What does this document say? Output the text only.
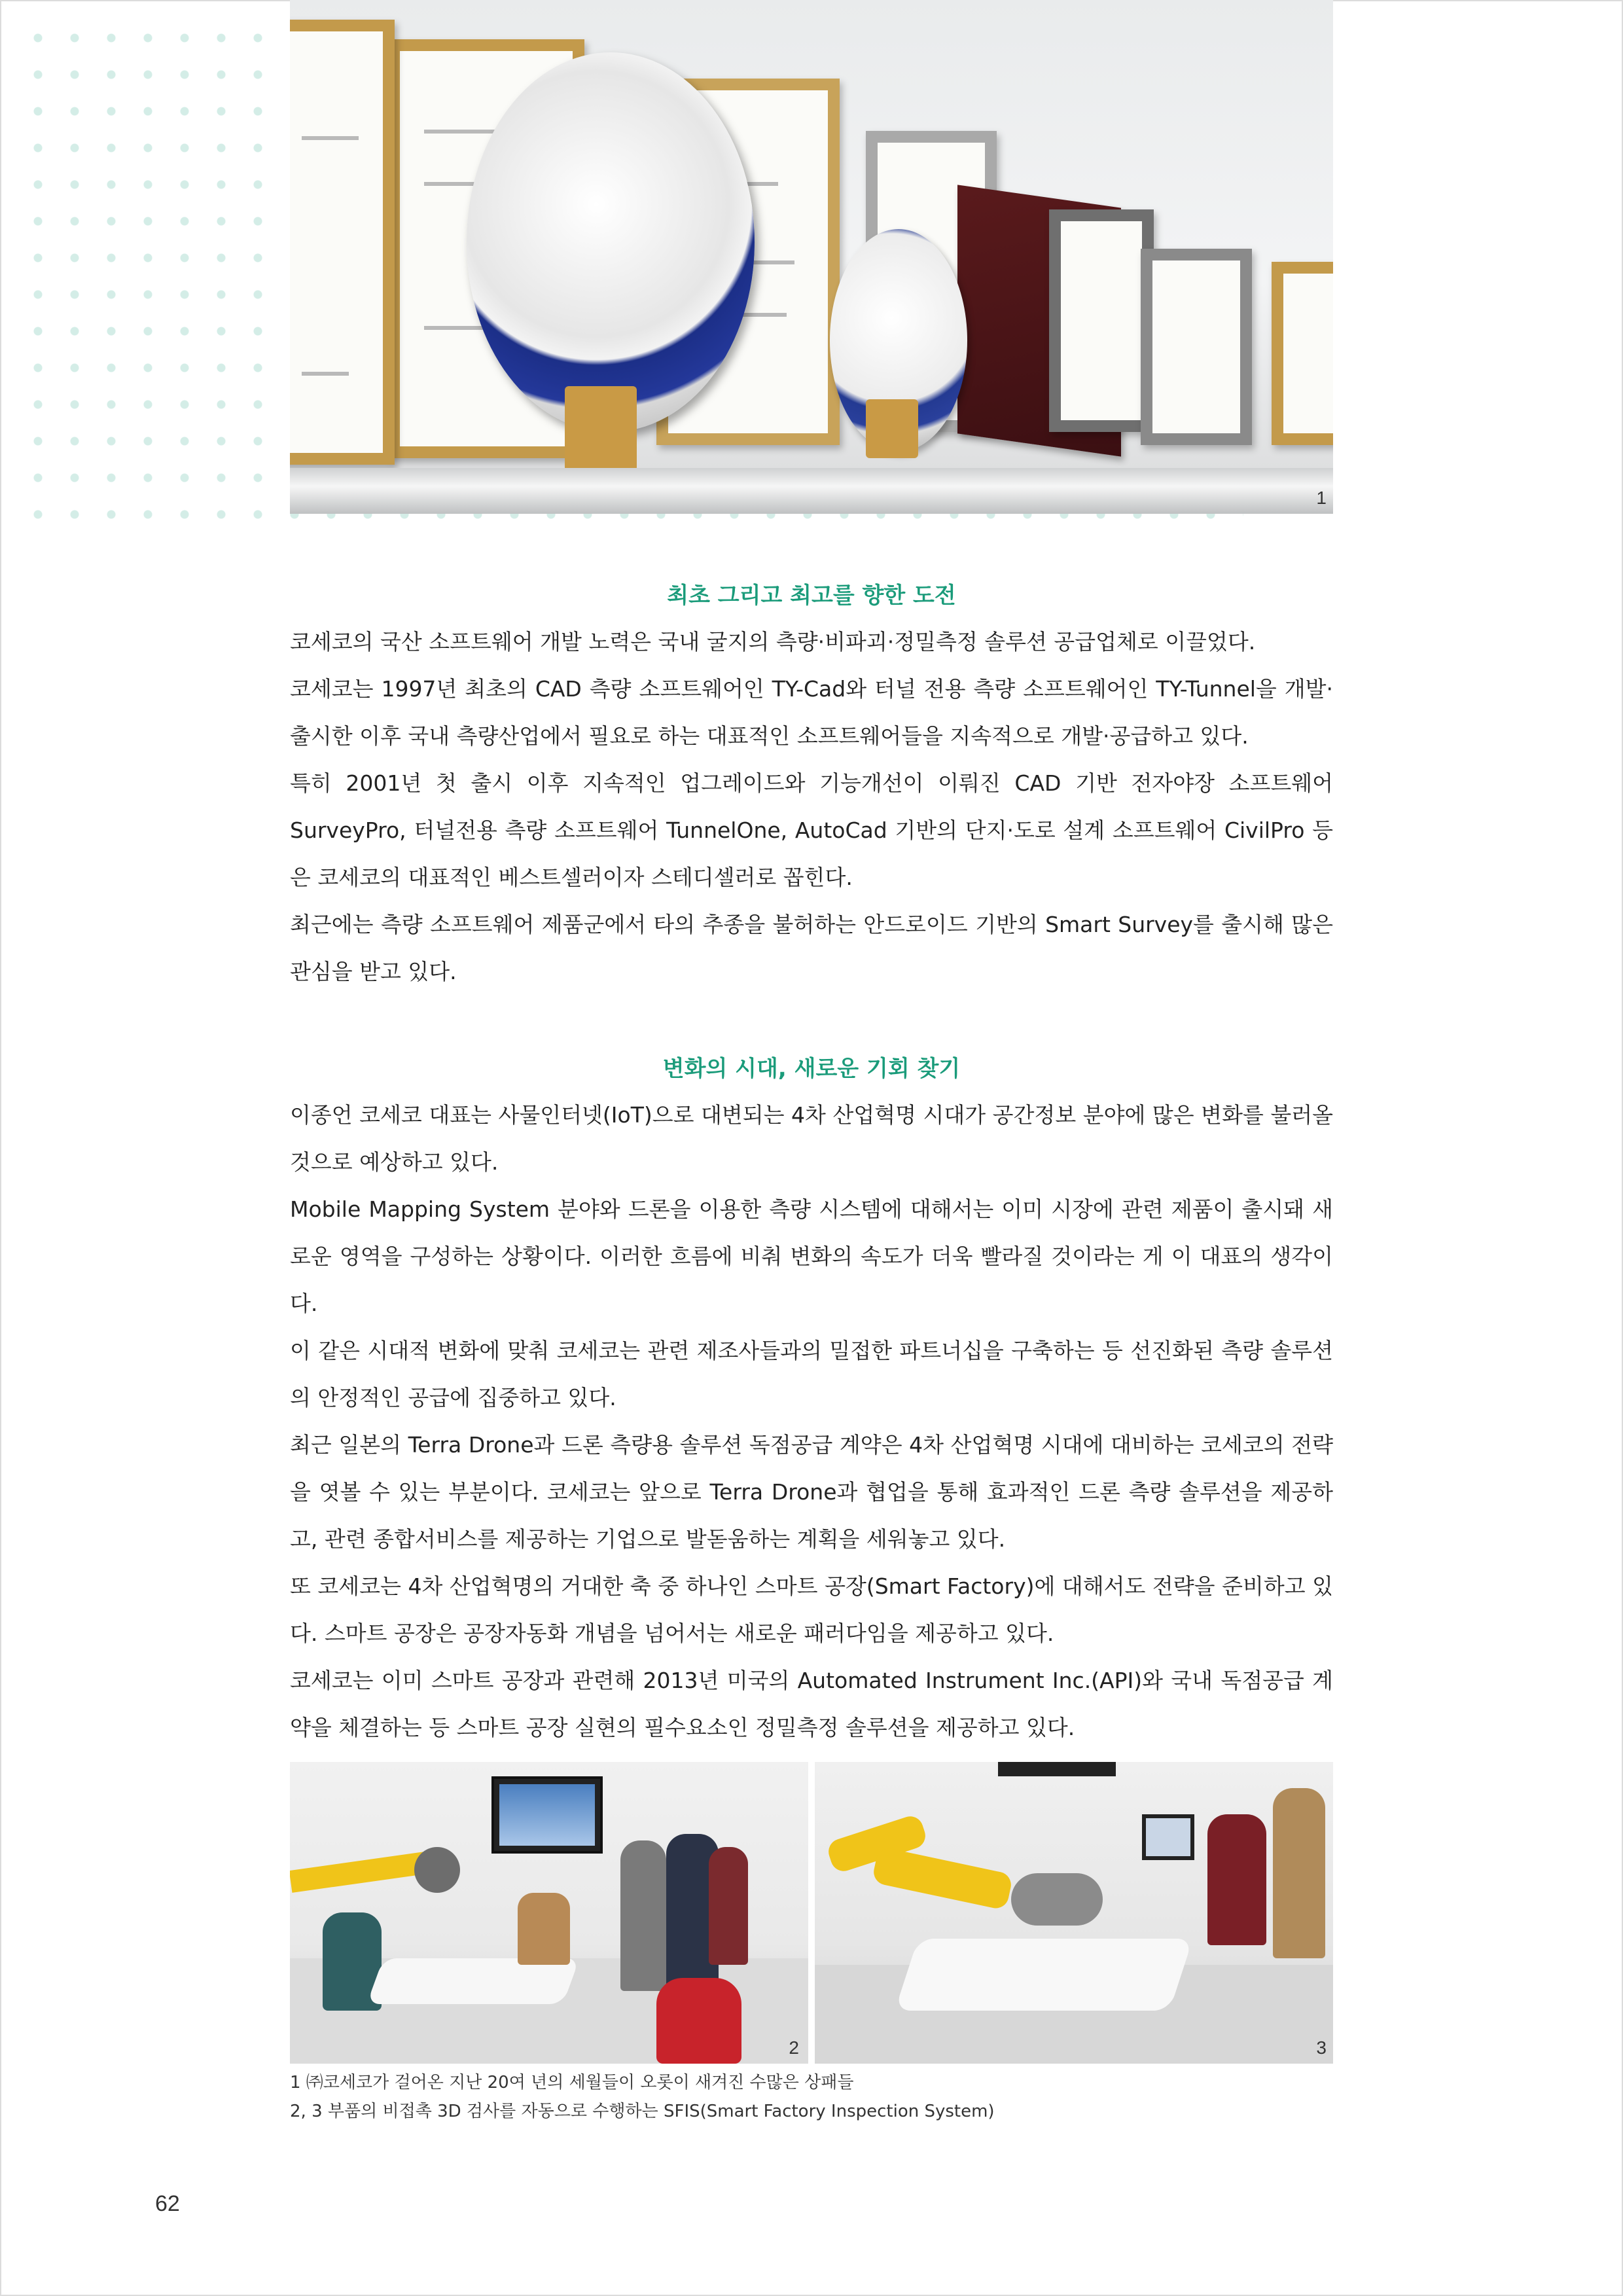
1
최초 그리고 최고를 향한 도전

코세코의 국산 소프트웨어 개발 노력은 국내 굴지의 측량·비파괴·정밀측정 솔루션 공급업체로 이끌었다.

코세코는 1997년 최초의 CAD 측량 소프트웨어인 TY-Cad와 터널 전용 측량 소프트웨어인 TY-Tunnel을 개발·출시한 이후 국내 측량산업에서 필요로 하는 대표적인 소프트웨어들을 지속적으로 개발·공급하고 있다.

특히 2001년 첫 출시 이후 지속적인 업그레이드와 기능개선이 이뤄진 CAD 기반 전자야장 소프트웨어 SurveyPro, 터널전용 측량 소프트웨어 TunnelOne, AutoCad 기반의 단지·도로 설계 소프트웨어 CivilPro 등은 코세코의 대표적인 베스트셀러이자 스테디셀러로 꼽힌다.

최근에는 측량 소프트웨어 제품군에서 타의 추종을 불허하는 안드로이드 기반의 Smart Survey를 출시해 많은 관심을 받고 있다.

변화의 시대, 새로운 기회 찾기

이종언 코세코 대표는 사물인터넷(IoT)으로 대변되는 4차 산업혁명 시대가 공간정보 분야에 많은 변화를 불러올 것으로 예상하고 있다.

Mobile Mapping System 분야와 드론을 이용한 측량 시스템에 대해서는 이미 시장에 관련 제품이 출시돼 새로운 영역을 구성하는 상황이다. 이러한 흐름에 비춰 변화의 속도가 더욱 빨라질 것이라는 게 이 대표의 생각이다.

이 같은 시대적 변화에 맞춰 코세코는 관련 제조사들과의 밀접한 파트너십을 구축하는 등 선진화된 측량 솔루션의 안정적인 공급에 집중하고 있다.

최근 일본의 Terra Drone과 드론 측량용 솔루션 독점공급 계약은 4차 산업혁명 시대에 대비하는 코세코의 전략을 엿볼 수 있는 부분이다. 코세코는 앞으로 Terra Drone과 협업을 통해 효과적인 드론 측량 솔루션을 제공하고, 관련 종합서비스를 제공하는 기업으로 발돋움하는 계획을 세워놓고 있다.

또 코세코는 4차 산업혁명의 거대한 축 중 하나인 스마트 공장(Smart Factory)에 대해서도 전략을 준비하고 있다. 스마트 공장은 공장자동화 개념을 넘어서는 새로운 패러다임을 제공하고 있다.

코세코는 이미 스마트 공장과 관련해 2013년 미국의 Automated Instrument Inc.(API)와 국내 독점공급 계약을 체결하는 등 스마트 공장 실현의 필수요소인 정밀측정 솔루션을 제공하고 있다.

2	3
1 ㈜코세코가 걸어온 지난 20여 년의 세월들이 오롯이 새겨진 수많은 상패들
2, 3 부품의 비접촉 3D 검사를 자동으로 수행하는 SFIS(Smart Factory Inspection System)
62
